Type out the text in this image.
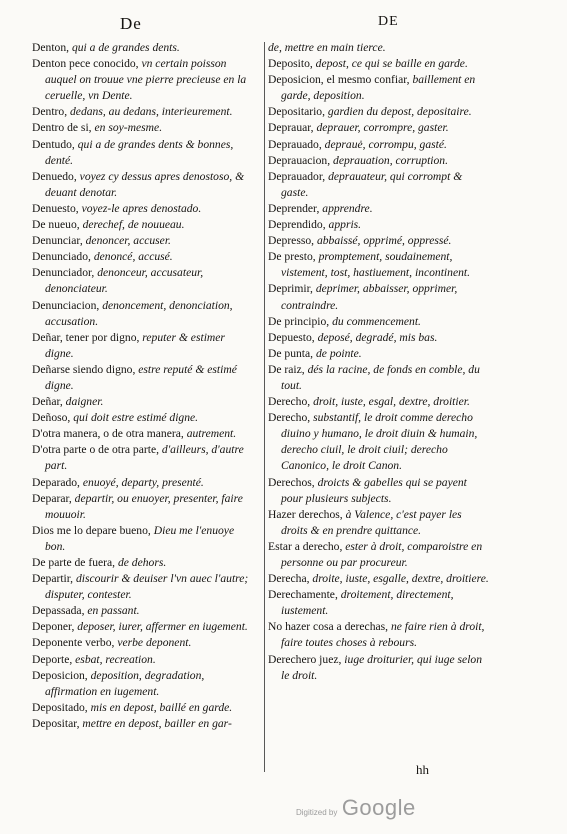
De	DE
Denton, qui a de grandes dents.
Denton pece conocido, vn certain poisson auquel on trouue vne pierre precieuse en la ceruelle, vn Dente.
Dentro, dedans, au dedans, interieurement.
Dentro de si, en soy-mesme.
Dentudo, qui a de grandes dents & bonnes, denté.
Denuedo, voyez cy dessus apres denostoso, & deuant denotar.
Denuesto, voyez-le apres denostado.
De nueuo, derechef, de nouueau.
Denunciar, denoncer, accuser.
Denunciado, denoncé, accusé.
Denunciador, denonceur, accusateur, denonciateur.
Denunciacion, denoncement, denonciation, accusation.
Deñar, tener por digno, reputer & estimer digne.
Deñarse siendo digno, estre reputé & estimé digne.
Deñar, daigner.
Deñoso, qui doit estre estimé digne.
D'otra manera, o de otra manera, autrement.
D'otra parte o de otra parte, d'ailleurs, d'autre part.
Deparado, enuoyé, departy, presenté.
Deparar, departir, ou enuoyer, presenter, faire mouuoir.
Dios me lo depare bueno, Dieu me l'enuoye bon.
De parte de fuera, de dehors.
Departir, discourir & deuiser l'vn auec l'autre; disputer, contester.
Depassada, en passant.
Deponer, deposer, iurer, affermer en iugement.
Deponente verbo, verbe deponent.
Deporte, esbat, recreation.
Deposicion, deposition, degradation, affirmation en iugement.
Depositado, mis en depost, baillé en garde.
Depositar, mettre en depost, bailler en gar-
de, mettre en main tierce.
Deposito, depost, ce qui se baille en garde.
Deposicion, el mesmo confiar, baillement en garde, deposition.
Depositario, gardien du depost, depositaire.
Deprauar, deprauer, corrompre, gaster.
Deprauado, deprauė, corrompu, gasté.
Deprauacion, deprauation, corruption.
Deprauador, deprauateur, qui corrompt & gaste.
Deprender, apprendre.
Deprendido, appris.
Depresso, abbaissé, opprimé, oppressé.
De presto, promptement, soudainement, vistement, tost, hastiuement, incontinent.
Deprimir, deprimer, abbaisser, opprimer, contraindre.
De principio, du commencement.
Depuesto, deposé, degradé, mis bas.
De punta, de pointe.
De raiz, dés la racine, de fonds en comble, du tout.
Derecho, droit, iuste, esgal, dextre, droitier.
Derecho, substantif, le droit comme derecho diuino y humano, le droit diuin & humain, derecho ciuil, le droit ciuil; derecho Canonico, le droit Canon.
Derechos, droicts & gabelles qui se payent pour plusieurs subjects.
Hazer derechos, à Valence, c'est payer les droits & en prendre quittance.
Estar a derecho, ester à droit, comparoistre en personne ou par procureur.
Derecha, droite, iuste, esgalle, dextre, droitiere.
Derechamente, droitement, directement, iustement.
No hazer cosa a derechas, ne faire rien à droit, faire toutes choses à rebours.
Derechero juez, iuge droiturier, qui iuge selon le droit.
hh
Digitized by Google
